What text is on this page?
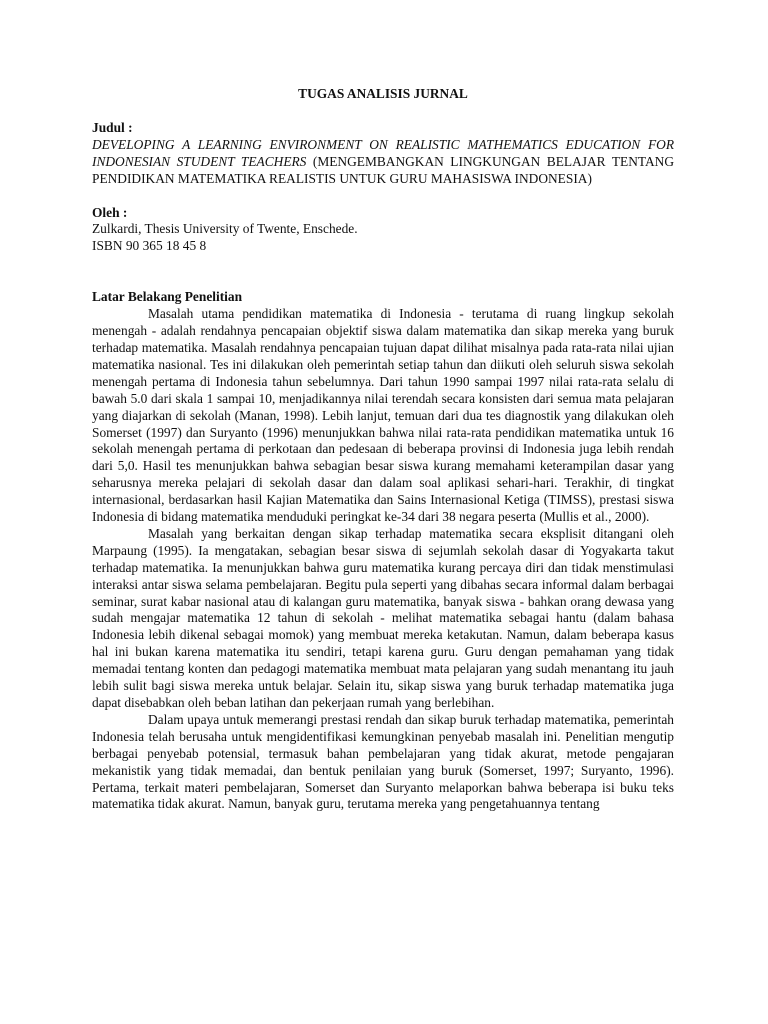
TUGAS ANALISIS JURNAL

Judul :

DEVELOPING A LEARNING ENVIRONMENT ON REALISTIC MATHEMATICS EDUCATION FOR INDONESIAN STUDENT TEACHERS (MENGEMBANGKAN LINGKUNGAN BELAJAR TENTANG PENDIDIKAN MATEMATIKA REALISTIS UNTUK GURU MAHASISWA INDONESIA)

Oleh :

Zulkardi, Thesis University of Twente, Enschede.

ISBN 90 365 18 45 8

Latar Belakang Penelitian

Masalah utama pendidikan matematika di Indonesia - terutama di ruang lingkup sekolah menengah - adalah rendahnya pencapaian objektif siswa dalam matematika dan sikap mereka yang buruk terhadap matematika. Masalah rendahnya pencapaian tujuan dapat dilihat misalnya pada rata-rata nilai ujian matematika nasional. Tes ini dilakukan oleh pemerintah setiap tahun dan diikuti oleh seluruh siswa sekolah menengah pertama di Indonesia tahun sebelumnya. Dari tahun 1990 sampai 1997 nilai rata-rata selalu di bawah 5.0 dari skala 1 sampai 10, menjadikannya nilai terendah secara konsisten dari semua mata pelajaran yang diajarkan di sekolah (Manan, 1998). Lebih lanjut, temuan dari dua tes diagnostik yang dilakukan oleh Somerset (1997) dan Suryanto (1996) menunjukkan bahwa nilai rata-rata pendidikan matematika untuk 16 sekolah menengah pertama di perkotaan dan pedesaan di beberapa provinsi di Indonesia juga lebih rendah dari 5,0. Hasil tes menunjukkan bahwa sebagian besar siswa kurang memahami keterampilan dasar yang seharusnya mereka pelajari di sekolah dasar dan dalam soal aplikasi sehari-hari. Terakhir, di tingkat internasional, berdasarkan hasil Kajian Matematika dan Sains Internasional Ketiga (TIMSS), prestasi siswa Indonesia di bidang matematika menduduki peringkat ke-34 dari 38 negara peserta (Mullis et al., 2000).

Masalah yang berkaitan dengan sikap terhadap matematika secara eksplisit ditangani oleh Marpaung (1995). Ia mengatakan, sebagian besar siswa di sejumlah sekolah dasar di Yogyakarta takut terhadap matematika. Ia menunjukkan bahwa guru matematika kurang percaya diri dan tidak menstimulasi interaksi antar siswa selama pembelajaran. Begitu pula seperti yang dibahas secara informal dalam berbagai seminar, surat kabar nasional atau di kalangan guru matematika, banyak siswa - bahkan orang dewasa yang sudah mengajar matematika 12 tahun di sekolah - melihat matematika sebagai hantu (dalam bahasa Indonesia lebih dikenal sebagai momok) yang membuat mereka ketakutan. Namun, dalam beberapa kasus hal ini bukan karena matematika itu sendiri, tetapi karena guru. Guru dengan pemahaman yang tidak memadai tentang konten dan pedagogi matematika membuat mata pelajaran yang sudah menantang itu jauh lebih sulit bagi siswa mereka untuk belajar. Selain itu, sikap siswa yang buruk terhadap matematika juga dapat disebabkan oleh beban latihan dan pekerjaan rumah yang berlebihan.

Dalam upaya untuk memerangi prestasi rendah dan sikap buruk terhadap matematika, pemerintah Indonesia telah berusaha untuk mengidentifikasi kemungkinan penyebab masalah ini. Penelitian mengutip berbagai penyebab potensial, termasuk bahan pembelajaran yang tidak akurat, metode pengajaran mekanistik yang tidak memadai, dan bentuk penilaian yang buruk (Somerset, 1997; Suryanto, 1996). Pertama, terkait materi pembelajaran, Somerset dan Suryanto melaporkan bahwa beberapa isi buku teks matematika tidak akurat. Namun, banyak guru, terutama mereka yang pengetahuannya tentang
